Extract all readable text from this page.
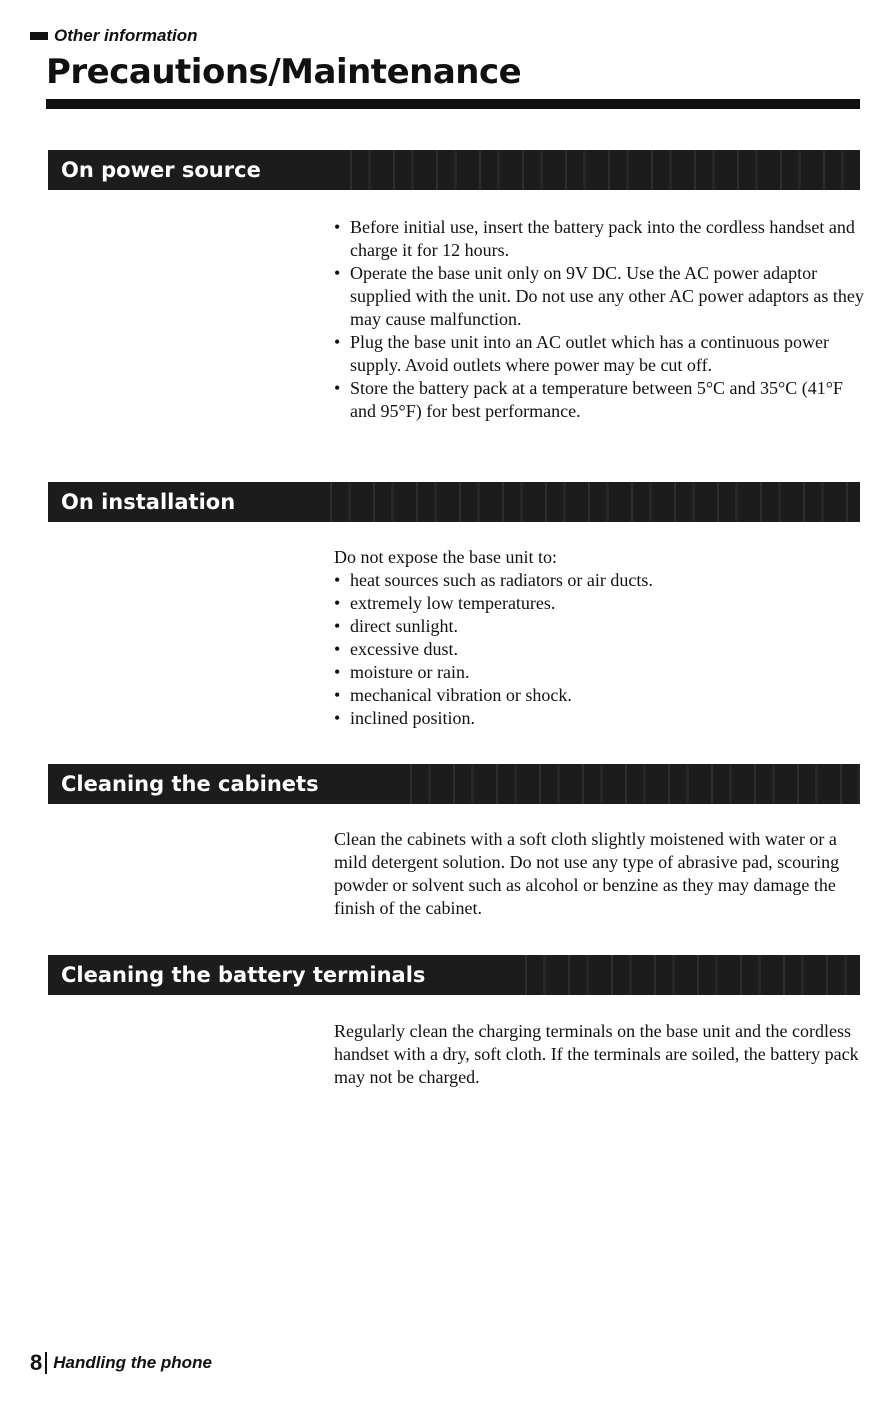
Other information
Precautions/Maintenance
On power source
• Before initial use, insert the battery pack into the cordless handset and charge it for 12 hours.
• Operate the base unit only on 9V DC. Use the AC power adaptor supplied with the unit. Do not use any other AC power adaptors as they may cause malfunction.
• Plug the base unit into an AC outlet which has a continuous power supply. Avoid outlets where power may be cut off.
• Store the battery pack at a temperature between 5°C and 35°C (41°F and 95°F) for best performance.
On installation

Do not expose the base unit to:

• heat sources such as radiators or air ducts.
• extremely low temperatures.
• direct sunlight.
• excessive dust.
• moisture or rain.
• mechanical vibration or shock.
• inclined position.
Cleaning the cabinets

Clean the cabinets with a soft cloth slightly moistened with water or a mild detergent solution. Do not use any type of abrasive pad, scouring powder or solvent such as alcohol or benzine as they may damage the finish of the cabinet.

Cleaning the battery terminals

Regularly clean the charging terminals on the base unit and the cordless handset with a dry, soft cloth. If the terminals are soiled, the battery pack may not be charged.

8 Handling the phone
